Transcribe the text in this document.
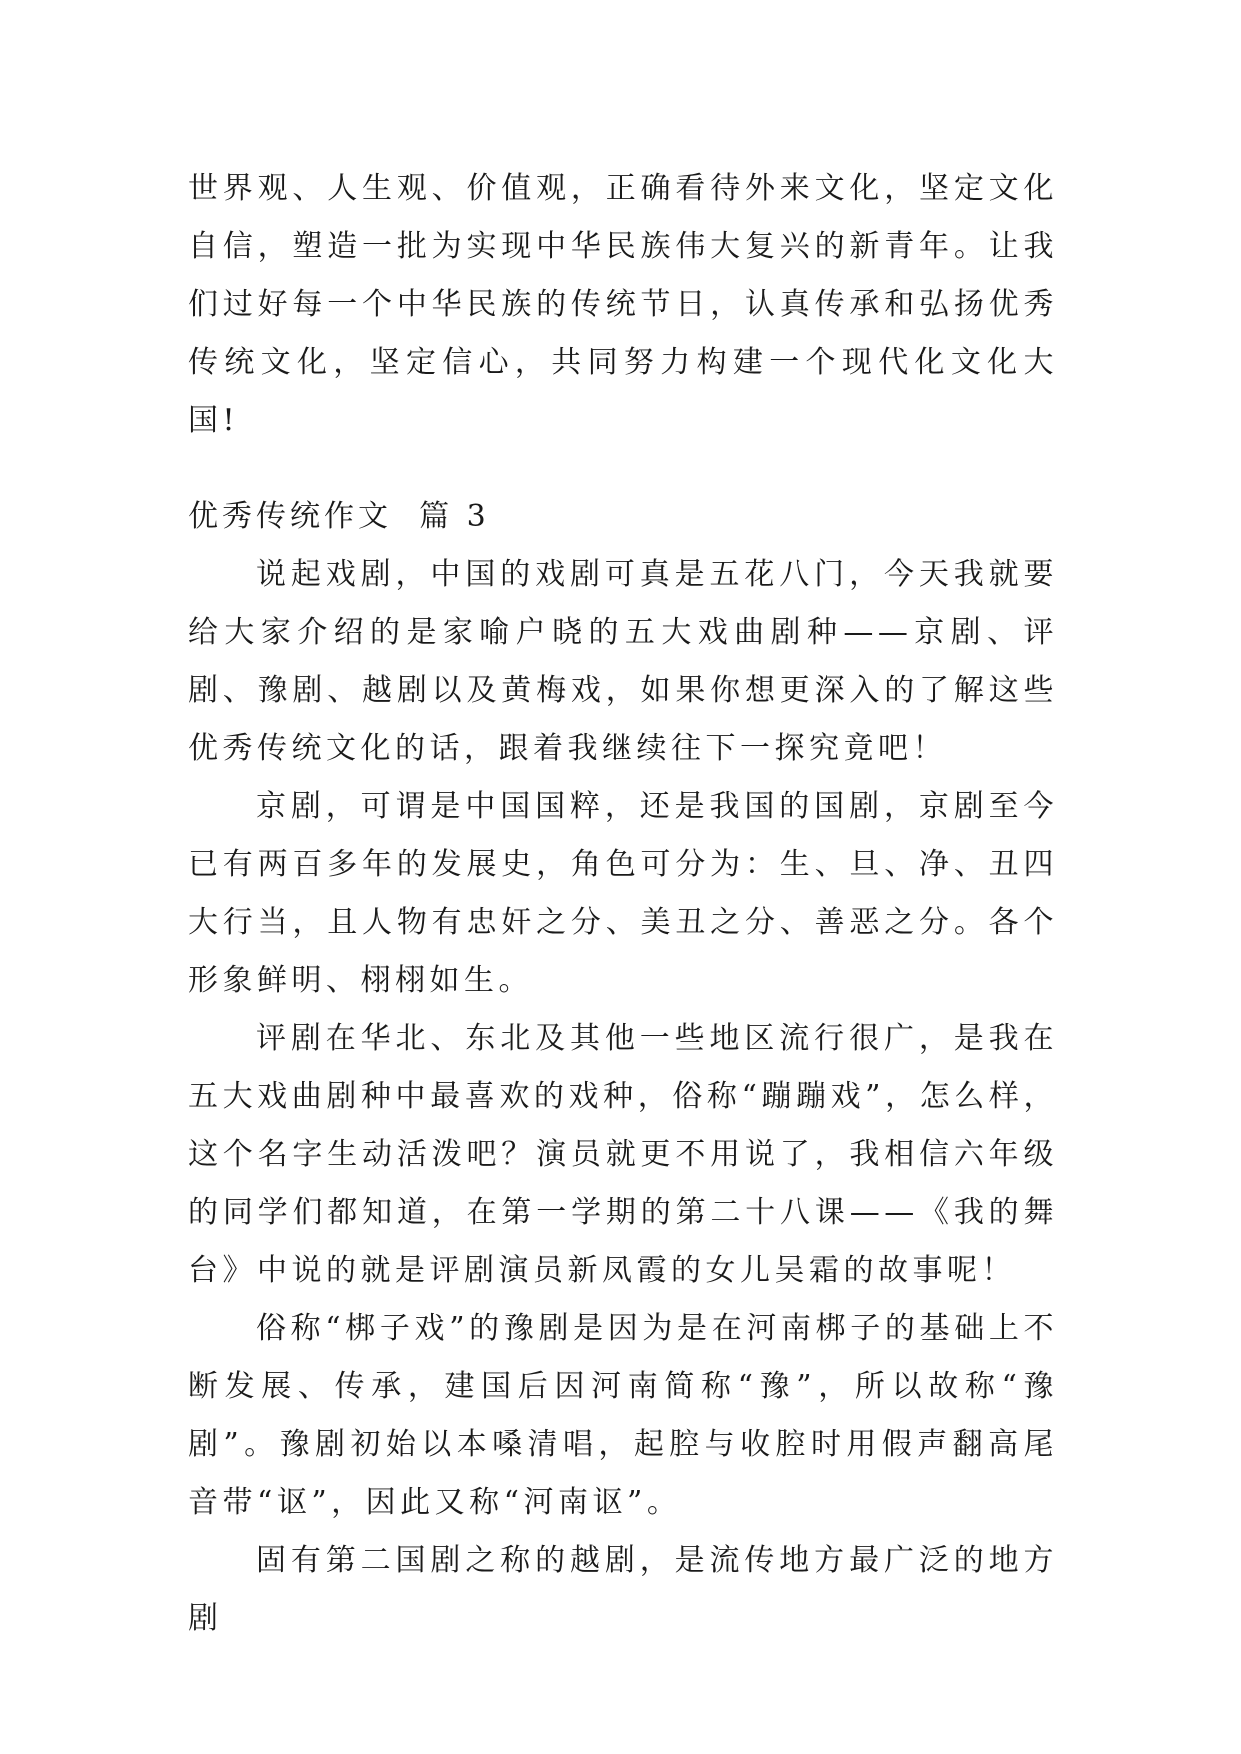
世界观、人生观、价值观，正确看待外来文化，坚定文化自信，塑造一批为实现中华民族伟大复兴的新青年。让我们过好每一个中华民族的传统节日，认真传承和弘扬优秀传统文化，坚定信心，共同努力构建一个现代化文化大国!

优秀传统作文  篇 3

说起戏剧，中国的戏剧可真是五花八门，今天我就要给大家介绍的是家喻户晓的五大戏曲剧种——京剧、评剧、豫剧、越剧以及黄梅戏，如果你想更深入的了解这些优秀传统文化的话，跟着我继续往下一探究竟吧！

京剧，可谓是中国国粹，还是我国的国剧，京剧至今已有两百多年的发展史，角色可分为：生、旦、净、丑四大行当，且人物有忠奸之分、美丑之分、善恶之分。各个形象鲜明、栩栩如生。

评剧在华北、东北及其他一些地区流行很广，是我在五大戏曲剧种中最喜欢的戏种，俗称“蹦蹦戏”，怎么样，这个名字生动活泼吧？演员就更不用说了，我相信六年级的同学们都知道，在第一学期的第二十八课——《我的舞台》中说的就是评剧演员新凤霞的女儿吴霜的故事呢！

俗称“梆子戏”的豫剧是因为是在河南梆子的基础上不断发展、传承，建国后因河南简称“豫”，所以故称“豫剧”。豫剧初始以本嗓清唱，起腔与收腔时用假声翻高尾音带“讴”，因此又称“河南讴”。

固有第二国剧之称的越剧，是流传地方最广泛的地方剧
